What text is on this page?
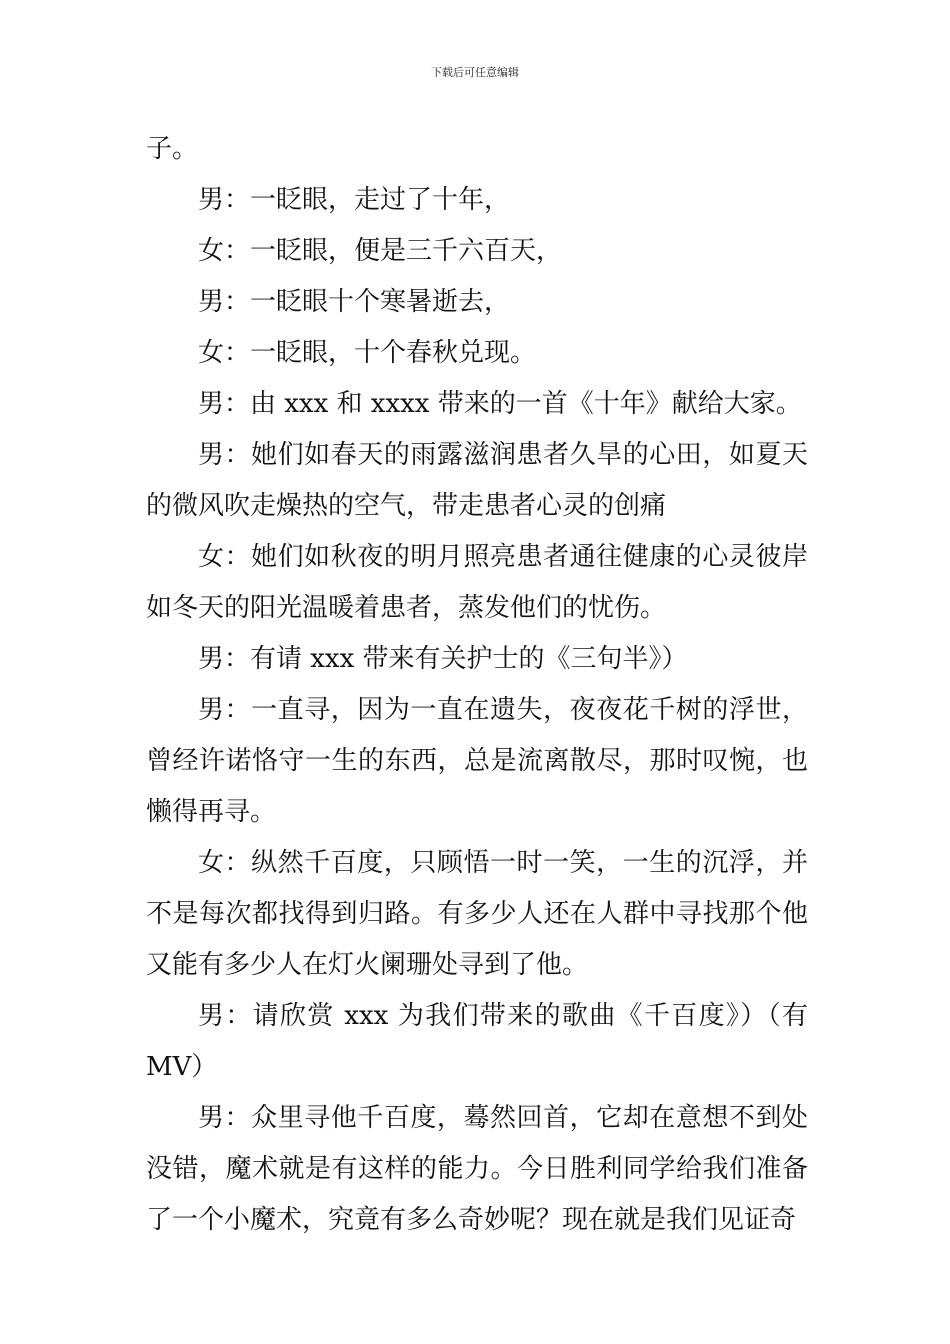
下载后可任意编辑

子。

男：一眨眼，走过了十年，

女：一眨眼，便是三千六百天，

男：一眨眼十个寒暑逝去，

女：一眨眼，十个春秋兑现。

男：由 xxx 和 xxxx 带来的一首《十年》献给大家。

男：她们如春天的雨露滋润患者久旱的心田，如夏天的微风吹走燥热的空气，带走患者心灵的创痛

女：她们如秋夜的明月照亮患者通往健康的心灵彼岸如冬天的阳光温暖着患者，蒸发他们的忧伤。

男：有请 xxx 带来有关护士的《三句半》）

男：一直寻，因为一直在遗失，夜夜花千树的浮世，曾经许诺恪守一生的东西，总是流离散尽，那时叹惋，也懒得再寻。

女：纵然千百度，只顾悟一时一笑，一生的沉浮，并不是每次都找得到归路。有多少人还在人群中寻找那个他又能有多少人在灯火阑珊处寻到了他。

男：请欣赏 xxx 为我们带来的歌曲《千百度》）（有MV）

男：众里寻他千百度，蓦然回首，它却在意想不到处没错，魔术就是有这样的能力。今日胜利同学给我们准备了一个小魔术，究竟有多么奇妙呢？现在就是我们见证奇
